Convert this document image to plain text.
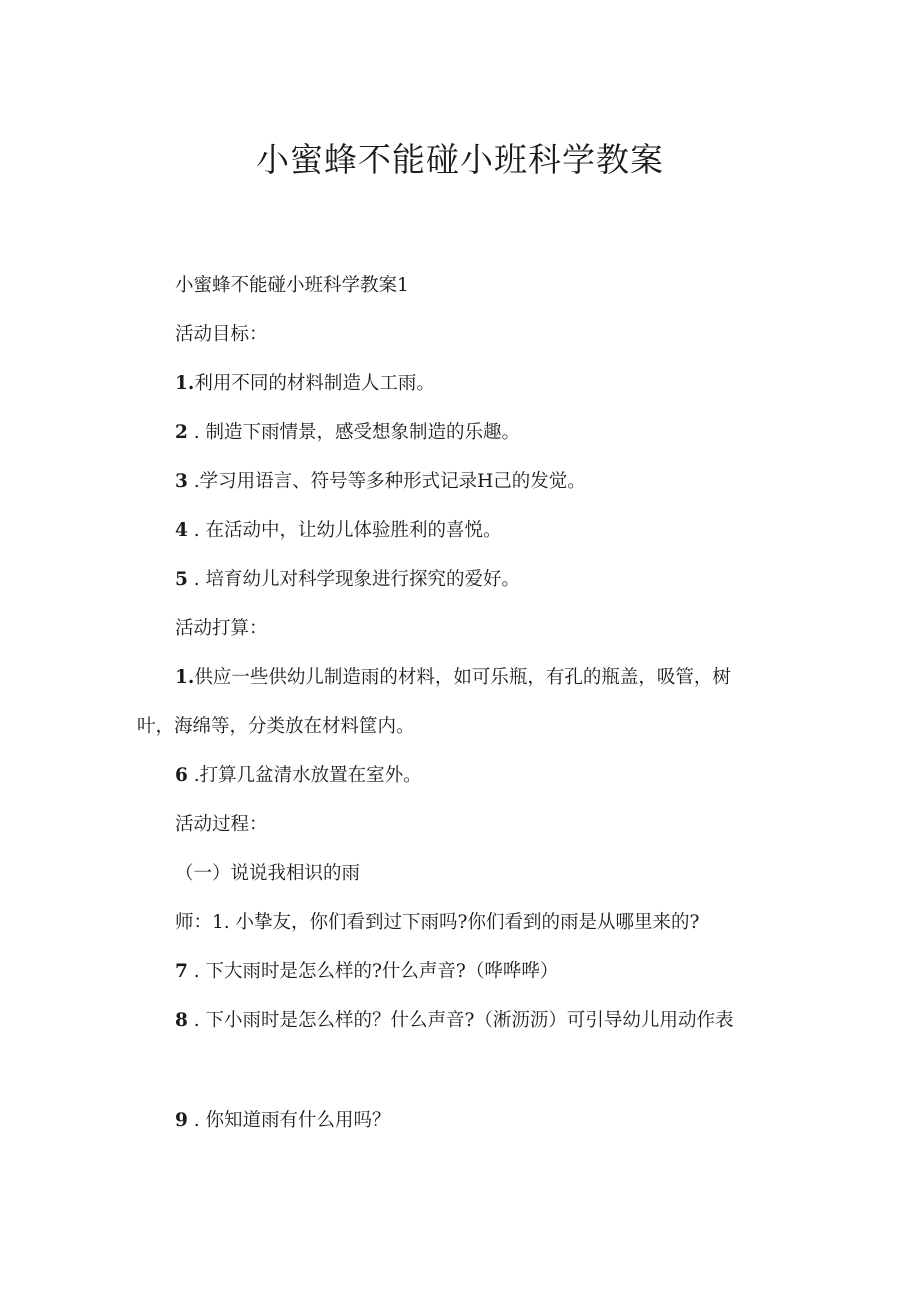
小蜜蜂不能碰小班科学教案

小蜜蜂不能碰小班科学教案1

活动目标：

1.利用不同的材料制造人工雨。

2 . 制造下雨情景，感受想象制造的乐趣。

3 .学习用语言、符号等多种形式记录H己的发觉。

4 . 在活动中，让幼儿体验胜利的喜悦。

5 . 培育幼儿对科学现象进行探究的爱好。

活动打算：

1.供应一些供幼儿制造雨的材料，如可乐瓶，有孔的瓶盖，吸管，树

叶，海绵等，分类放在材料筐内。

6 .打算几盆清水放置在室外。

活动过程：

（一）说说我相识的雨

师：1. 小挚友，你们看到过下雨吗?你们看到的雨是从哪里来的?

7 . 下大雨时是怎么样的?什么声音?（哗哗哗）

8 . 下小雨时是怎么样的？什么声音?（淅沥沥）可引导幼儿用动作表

9 . 你知道雨有什么用吗？
